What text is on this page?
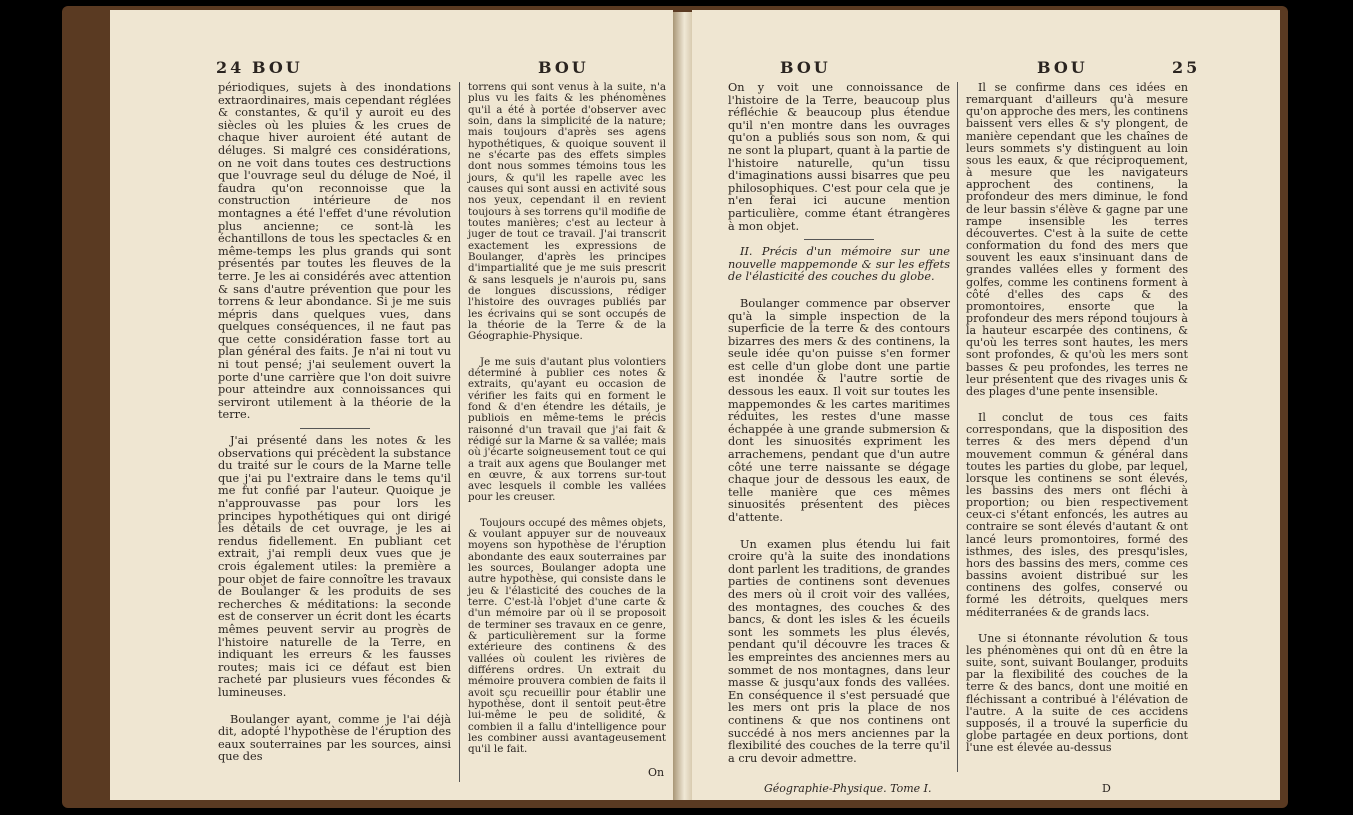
24 BOU	BOU

périodiques, sujets à des inondations extraordinaires, mais cependant réglées & constantes, & qu'il y auroit eu des siècles où les pluies & les crues de chaque hiver auroient été autant de déluges. Si malgré ces considérations, on ne voit dans toutes ces destructions que l'ouvrage seul du déluge de Noé, il faudra qu'on reconnoisse que la construction intérieure de nos montagnes a été l'effet d'une révolution plus ancienne; ce sont-là les échantillons de tous les spectacles & en même-temps les plus grands qui sont présentés par toutes les fleuves de la terre. Je les ai considérés avec attention & sans d'autre prévention que pour les torrens & leur abondance. Si je me suis mépris dans quelques vues, dans quelques conséquences, il ne faut pas que cette considération fasse tort au plan général des faits. Je n'ai ni tout vu ni tout pensé; j'ai seulement ouvert la porte d'une carrière que l'on doit suivre pour atteindre aux connoissances qui serviront utilement à la théorie de la terre.

J'ai présenté dans les notes & les observations qui précèdent la substance du traité sur le cours de la Marne telle que j'ai pu l'extraire dans le tems qu'il me fut confié par l'auteur. Quoique je n'approuvasse pas pour lors les principes hypothétiques qui ont dirigé les détails de cet ouvrage, je les ai rendus fidellement. En publiant cet extrait, j'ai rempli deux vues que je crois également utiles: la première a pour objet de faire connoître les travaux de Boulanger & les produits de ses recherches & méditations: la seconde est de conserver un écrit dont les écarts mêmes peuvent servir au progrès de l'histoire naturelle de la Terre, en indiquant les erreurs & les fausses routes; mais ici ce défaut est bien racheté par plusieurs vues fécondes & lumineuses.

Boulanger ayant, comme je l'ai déjà dit, adopté l'hypothèse de l'éruption des eaux souterraines par les sources, ainsi que des

torrens qui sont venus à la suite, n'a plus vu les faits & les phénomènes qu'il a été à portée d'observer avec soin, dans la simplicité de la nature; mais toujours d'après ses agens hypothétiques, & quoique souvent il ne s'écarte pas des effets simples dont nous sommes témoins tous les jours, & qu'il les rapelle avec les causes qui sont aussi en activité sous nos yeux, cependant il en revient toujours à ses torrens qu'il modifie de toutes manières; c'est au lecteur à juger de tout ce travail. J'ai transcrit exactement les expressions de Boulanger, d'après les principes d'impartialité que je me suis prescrit & sans lesquels je n'aurois pu, sans de longues discussions, rédiger l'histoire des ouvrages publiés par les écrivains qui se sont occupés de la théorie de la Terre & de la Géographie-Physique.

Je me suis d'autant plus volontiers déterminé à publier ces notes & extraits, qu'ayant eu occasion de vérifier les faits qui en forment le fond & d'en étendre les détails, je publiois en même-tems le précis raisonné d'un travail que j'ai fait & rédigé sur la Marne & sa vallée; mais où j'écarte soigneusement tout ce qui a trait aux agens que Boulanger met en œuvre, & aux torrens sur-tout avec lesquels il comble les vallées pour les creuser.

Toujours occupé des mêmes objets, & voulant appuyer sur de nouveaux moyens son hypothèse de l'éruption abondante des eaux souterraines par les sources, Boulanger adopta une autre hypothèse, qui consiste dans le jeu & l'élasticité des couches de la terre. C'est-là l'objet d'une carte & d'un mémoire par où il se proposoit de terminer ses travaux en ce genre, & particulièrement sur la forme extérieure des continens & des vallées où coulent les rivières de différens ordres. Un extrait du mémoire prouvera combien de faits il avoit sçu recueillir pour établir une hypothèse, dont il sentoit peut-être lui-même le peu de solidité, & combien il a fallu d'intelligence pour les combiner aussi avantageusement qu'il le fait.

On
BOU	BOU	25

On y voit une connoissance de l'histoire de la Terre, beaucoup plus réfléchie & beaucoup plus étendue qu'il n'en montre dans les ouvrages qu'on a publiés sous son nom, & qui ne sont la plupart, quant à la partie de l'histoire naturelle, qu'un tissu d'imaginations aussi bisarres que peu philosophiques. C'est pour cela que je n'en ferai ici aucune mention particulière, comme étant étrangères à mon objet.

II. Précis d'un mémoire sur une nouvelle mappemonde & sur les effets de l'élasticité des couches du globe.

Boulanger commence par observer qu'à la simple inspection de la superficie de la terre & des contours bizarres des mers & des continens, la seule idée qu'on puisse s'en former est celle d'un globe dont une partie est inondée & l'autre sortie de dessous les eaux. Il voit sur toutes les mappemondes & les cartes maritimes réduites, les restes d'une masse échappée à une grande submersion & dont les sinuosités expriment les arrachemens, pendant que d'un autre côté une terre naissante se dégage chaque jour de dessous les eaux, de telle manière que ces mêmes sinuosités présentent des pièces d'attente.

Un examen plus étendu lui fait croire qu'à la suite des inondations dont parlent les traditions, de grandes parties de continens sont devenues des mers où il croit voir des vallées, des montagnes, des couches & des bancs, & dont les isles & les écueils sont les sommets les plus élevés, pendant qu'il découvre les traces & les empreintes des anciennes mers au sommet de nos montagnes, dans leur masse & jusqu'aux fonds des vallées. En conséquence il s'est persuadé que les mers ont pris la place de nos continens & que nos continens ont succédé à nos mers anciennes par la flexibilité des couches de la terre qu'il a cru devoir admettre.

Il se confirme dans ces idées en remarquant d'ailleurs qu'à mesure qu'on approche des mers, les continens baissent vers elles & s'y plongent, de manière cependant que les chaînes de leurs sommets s'y distinguent au loin sous les eaux, & que réciproquement, à mesure que les navigateurs approchent des continens, la profondeur des mers diminue, le fond de leur bassin s'élève & gagne par une rampe insensible les terres découvertes. C'est à la suite de cette conformation du fond des mers que souvent les eaux s'insinuant dans de grandes vallées elles y forment des golfes, comme les continens forment à côté d'elles des caps & des promontoires, ensorte que la profondeur des mers répond toujours à la hauteur escarpée des continens, & qu'où les terres sont hautes, les mers sont profondes, & qu'où les mers sont basses & peu profondes, les terres ne leur présentent que des rivages unis & des plages d'une pente insensible.

Il conclut de tous ces faits correspondans, que la disposition des terres & des mers dépend d'un mouvement commun & général dans toutes les parties du globe, par lequel, lorsque les continens se sont élevés, les bassins des mers ont fléchi à proportion; ou bien respectivement ceux-ci s'étant enfoncés, les autres au contraire se sont élevés d'autant & ont lancé leurs promontoires, formé des isthmes, des isles, des presqu'isles, hors des bassins des mers, comme ces bassins avoient distribué sur les continens des golfes, conservé ou formé les détroits, quelques mers méditerranées & de grands lacs.

Une si étonnante révolution & tous les phénomènes qui ont dû en être la suite, sont, suivant Boulanger, produits par la flexibilité des couches de la terre & des bancs, dont une moitié en fléchissant a contribué à l'élévation de l'autre. A la suite de ces accidens supposés, il a trouvé la superficie du globe partagée en deux portions, dont l'une est élevée au-dessus

Géographie-Physique. Tome I.	D
